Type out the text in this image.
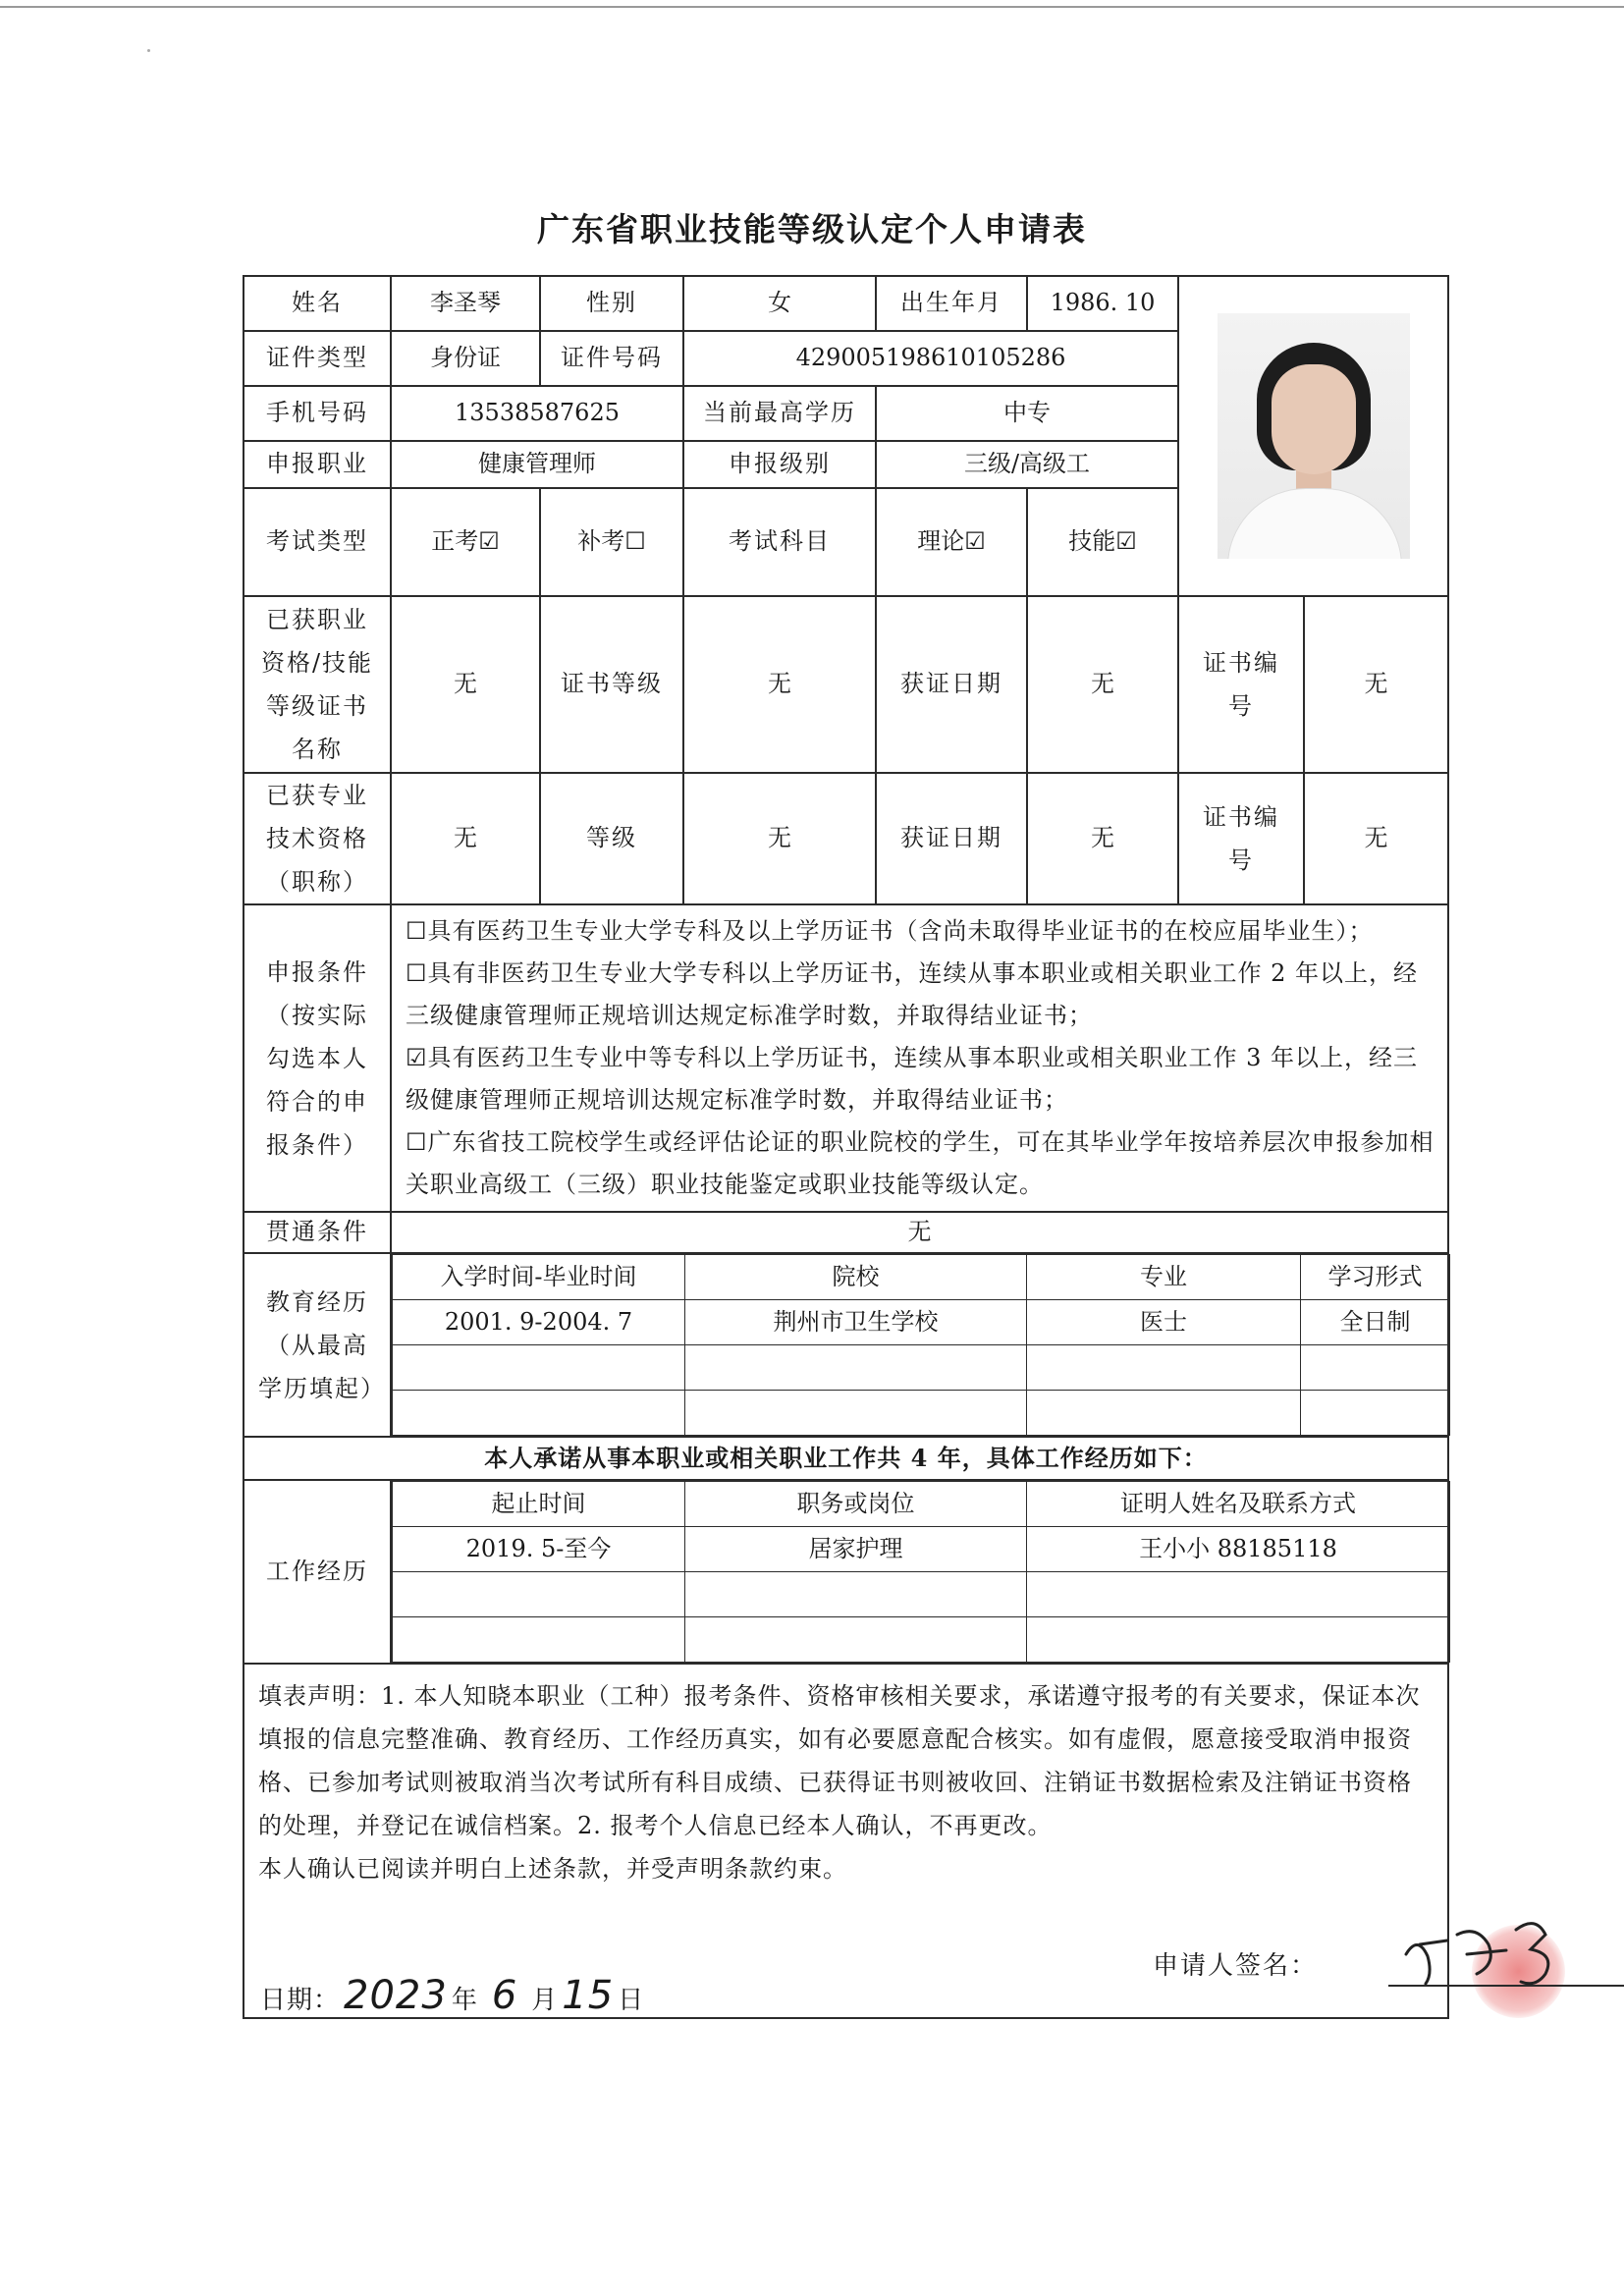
广东省职业技能等级认定个人申请表
姓名	李圣琴	性别	女	出生年月	1986. 10	

证件类型	身份证	证件号码	429005198610105286
手机号码	13538587625	当前最高学历	中专
申报职业	健康管理师	申报级别	三级/高级工
考试类型	正考☑	补考☐	考试科目	理论☑	技能☑
已获职业资格/技能等级证书名称	无	证书等级	无	获证日期	无	证书编号	无
已获专业技术资格（职称）	无	等级	无	获证日期	无	证书编号	无

申报条件
（按实际勾选本人符合的申报条件）

☐具有医药卫生专业大学专科及以上学历证书（含尚未取得毕业证书的在校应届毕业生）；
☐具有非医药卫生专业大学专科以上学历证书，连续从事本职业或相关职业工作 2 年以上，经三级健康管理师正规培训达规定标准学时数，并取得结业证书；
☑具有医药卫生专业中等专科以上学历证书，连续从事本职业或相关职业工作 3 年以上，经三级健康管理师正规培训达规定标准学时数，并取得结业证书；
☐广东省技工院校学生或经评估论证的职业院校的学生，可在其毕业学年按培养层次申报参加相关职业高级工（三级）职业技能鉴定或职业技能等级认定。

贯通条件	无

教育经历
（从最高学历填起）

入学时间-毕业时间	院校	专业	学习形式
2001. 9-2004. 7	荆州市卫生学校	医士	全日制

本人承诺从事本职业或相关职业工作共 4 年，具体工作经历如下：
工作经历	
起止时间	职务或岗位	证明人姓名及联系方式
2019. 5-至今	居家护理	王小小 88185118

填表声明：1. 本人知晓本职业（工种）报考条件、资格审核相关要求，承诺遵守报考的有关要求，保证本次填报的信息完整准确、教育经历、工作经历真实，如有必要愿意配合核实。如有虚假，愿意接受取消申报资格、已参加考试则被取消当次考试所有科目成绩、已获得证书则被收回、注销证书数据检索及注销证书资格的处理，并登记在诚信档案。2. 报考个人信息已经本人确认，不再更改。
本人确认已阅读并明白上述条款，并受声明条款约束。
申请人签名：
日期： 2023 年 6 月 15 日
